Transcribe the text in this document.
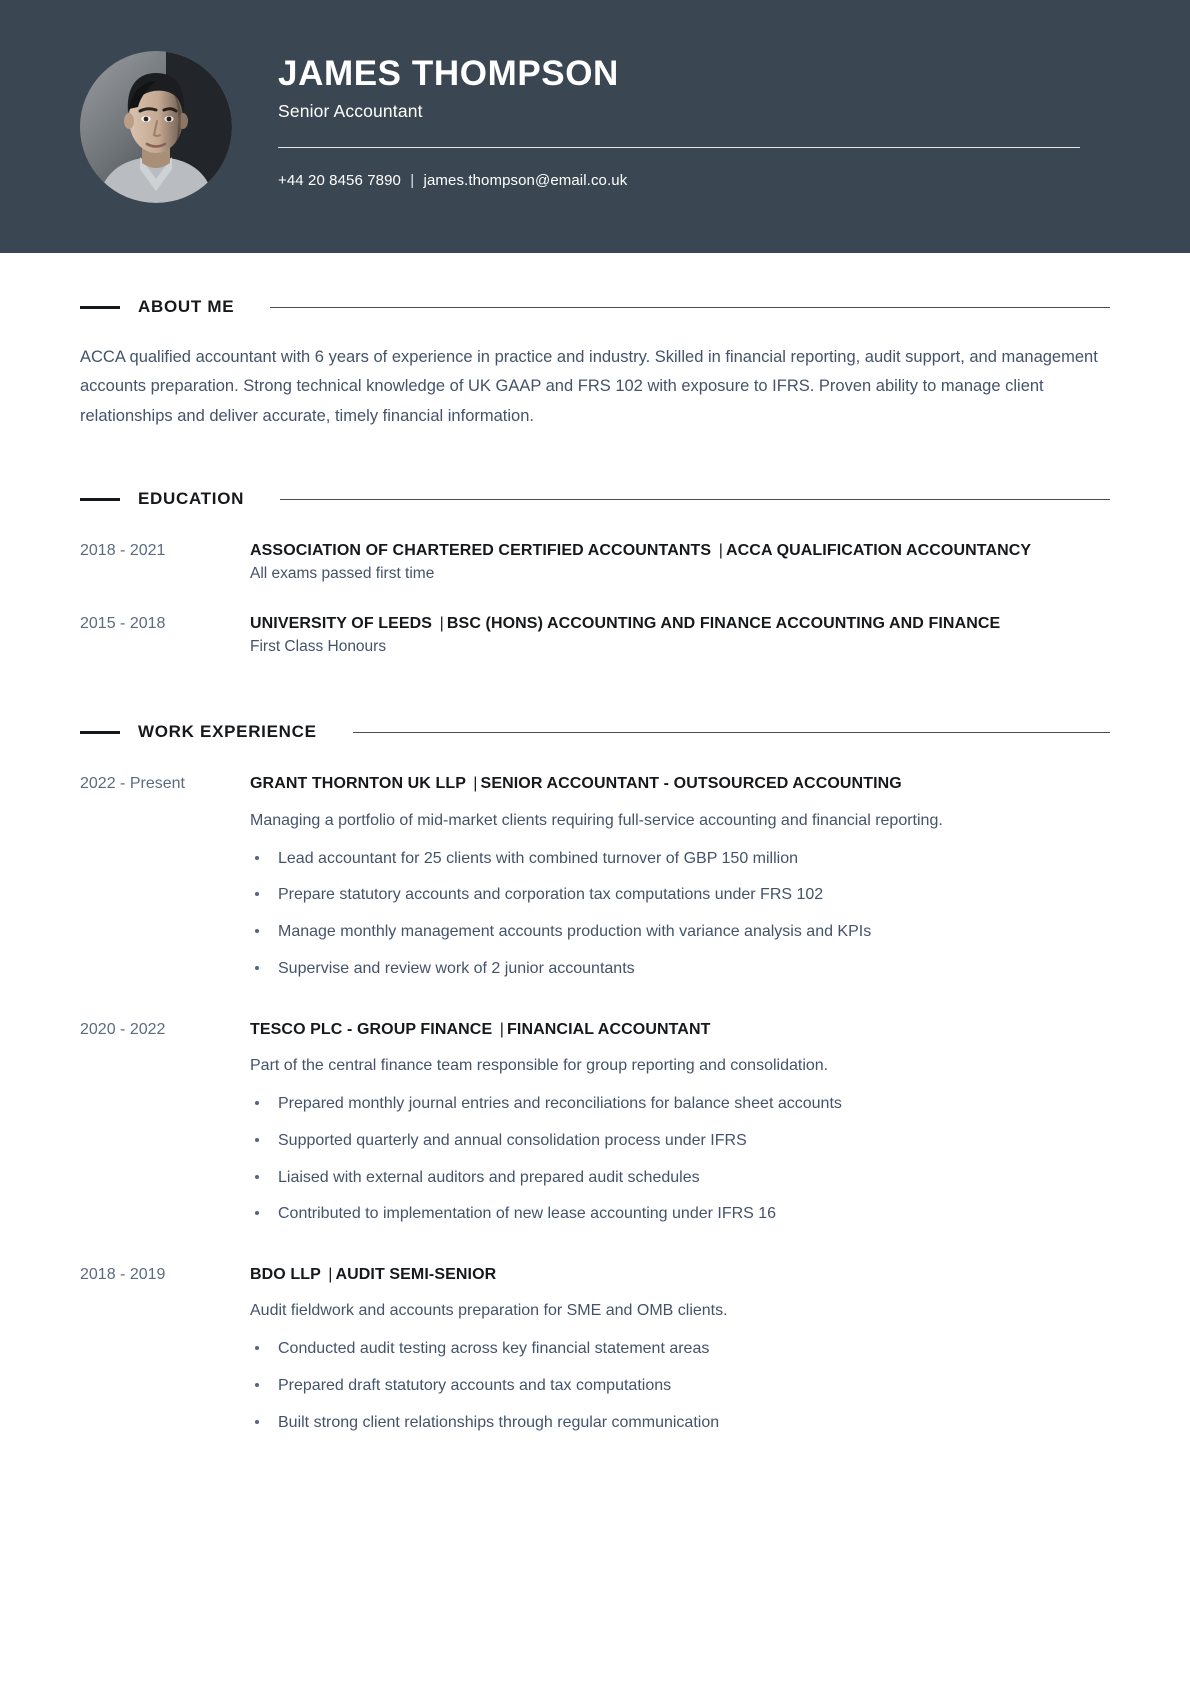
JAMES THOMPSON
Senior Accountant
+44 20 8456 7890 | james.thompson@email.co.uk
ABOUT ME

ACCA qualified accountant with 6 years of experience in practice and industry. Skilled in financial reporting, audit support, and management accounts preparation. Strong technical knowledge of UK GAAP and FRS 102 with exposure to IFRS. Proven ability to manage client relationships and deliver accurate, timely financial information.

EDUCATION
2018 - 2021	ASSOCIATION OF CHARTERED CERTIFIED ACCOUNTANTS | ACCA QUALIFICATION ACCOUNTANCY
All exams passed first time
2015 - 2018	UNIVERSITY OF LEEDS | BSC (HONS) ACCOUNTING AND FINANCE ACCOUNTING AND FINANCE
First Class Honours
WORK EXPERIENCE
2022 - Present	GRANT THORNTON UK LLP | SENIOR ACCOUNTANT - OUTSOURCED ACCOUNTING
Managing a portfolio of mid-market clients requiring full-service accounting and financial reporting.
Lead accountant for 25 clients with combined turnover of GBP 150 million
Prepare statutory accounts and corporation tax computations under FRS 102
Manage monthly management accounts production with variance analysis and KPIs
Supervise and review work of 2 junior accountants
2020 - 2022	TESCO PLC - GROUP FINANCE | FINANCIAL ACCOUNTANT
Part of the central finance team responsible for group reporting and consolidation.
Prepared monthly journal entries and reconciliations for balance sheet accounts
Supported quarterly and annual consolidation process under IFRS
Liaised with external auditors and prepared audit schedules
Contributed to implementation of new lease accounting under IFRS 16
2018 - 2019	BDO LLP | AUDIT SEMI-SENIOR
Audit fieldwork and accounts preparation for SME and OMB clients.
Conducted audit testing across key financial statement areas
Prepared draft statutory accounts and tax computations
Built strong client relationships through regular communication
